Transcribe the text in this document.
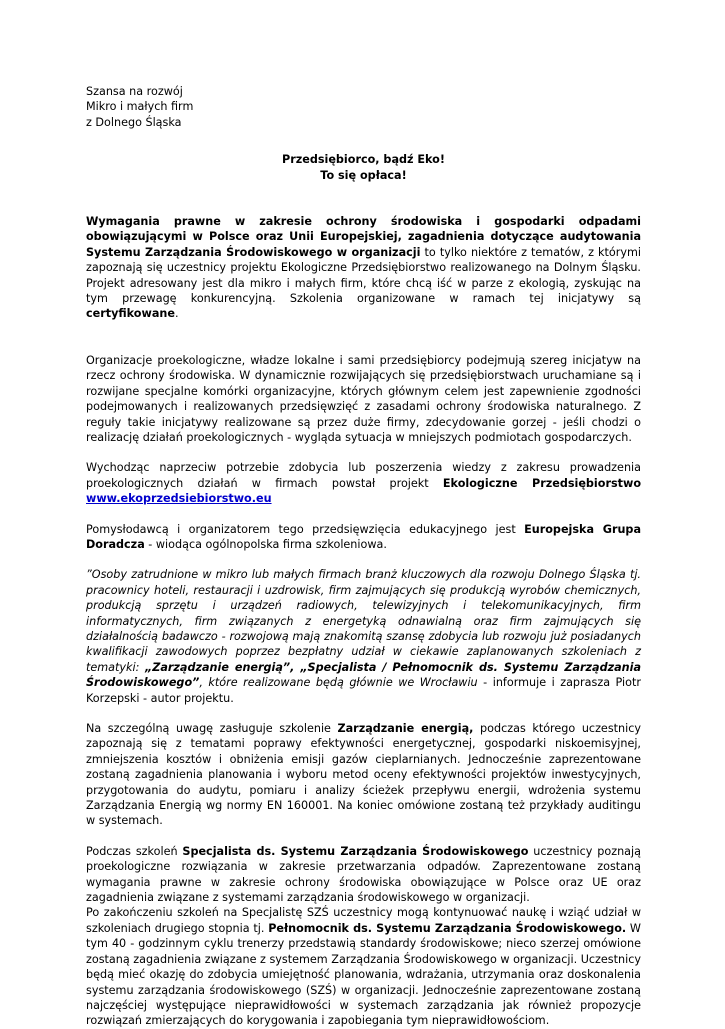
Szansa na rozwój

Mikro i małych firm

z Dolnego Śląska

Przedsiębiorco, bądź Eko!

To się opłaca!

Wymagania prawne w zakresie ochrony środowiska i gospodarki odpadami obowiązującymi w Polsce oraz Unii Europejskiej, zagadnienia dotyczące audytowania Systemu Zarządzania Środowiskowego w organizacji to tylko niektóre z tematów, z którymi zapoznają się uczestnicy projektu Ekologiczne Przedsiębiorstwo realizowanego na Dolnym Śląsku. Projekt adresowany jest dla mikro i małych firm, które chcą iść w parze z ekologią, zyskując na tym przewagę konkurencyjną. Szkolenia organizowane w ramach tej inicjatywy są certyfikowane.

Organizacje proekologiczne, władze lokalne i sami przedsiębiorcy podejmują szereg inicjatyw na rzecz ochrony środowiska. W dynamicznie rozwijających się przedsiębiorstwach uruchamiane są i rozwijane specjalne komórki organizacyjne, których głównym celem jest zapewnienie zgodności podejmowanych i realizowanych przedsięwzięć z zasadami ochrony środowiska naturalnego. Z reguły takie inicjatywy realizowane są przez duże firmy, zdecydowanie gorzej - jeśli chodzi o realizację działań proekologicznych - wygląda sytuacja w mniejszych podmiotach gospodarczych.

Wychodząc naprzeciw potrzebie zdobycia lub poszerzenia wiedzy z zakresu prowadzenia proekologicznych działań w firmach powstał projekt Ekologiczne Przedsiębiorstwo www.ekoprzedsiebiorstwo.eu

Pomysłodawcą i organizatorem tego przedsięwzięcia edukacyjnego jest Europejska Grupa Doradcza - wiodąca ogólnopolska firma szkoleniowa.

”Osoby zatrudnione w mikro lub małych firmach branż kluczowych dla rozwoju Dolnego Śląska tj. pracownicy hoteli, restauracji i uzdrowisk, firm zajmujących się produkcją wyrobów chemicznych, produkcją sprzętu i urządzeń radiowych, telewizyjnych i telekomunikacyjnych, firm informatycznych, firm związanych z energetyką odnawialną oraz firm zajmujących się działalnością badawczo - rozwojową mają znakomitą szansę zdobycia lub rozwoju już posiadanych kwalifikacji zawodowych poprzez bezpłatny udział w ciekawie zaplanowanych szkoleniach z tematyki: „Zarządzanie energią”, „Specjalista / Pełnomocnik ds. Systemu Zarządzania Środowiskowego”, które realizowane będą głównie we Wrocławiu - informuje i zaprasza Piotr Korzepski - autor projektu.

Na szczególną uwagę zasługuje szkolenie Zarządzanie energią, podczas którego uczestnicy zapoznają się z tematami poprawy efektywności energetycznej, gospodarki niskoemisyjnej, zmniejszenia kosztów i obniżenia emisji gazów cieplarnianych. Jednocześnie zaprezentowane zostaną zagadnienia planowania i wyboru metod oceny efektywności projektów inwestycyjnych, przygotowania do audytu, pomiaru i analizy ścieżek przepływu energii, wdrożenia systemu Zarządzania Energią wg normy EN 160001. Na koniec omówione zostaną też przykłady auditingu w systemach.

Podczas szkoleń Specjalista ds. Systemu Zarządzania Środowiskowego uczestnicy poznają proekologiczne rozwiązania w zakresie przetwarzania odpadów. Zaprezentowane zostaną wymagania prawne w zakresie ochrony środowiska obowiązujące w Polsce oraz UE oraz zagadnienia związane z systemami zarządzania środowiskowego w organizacji.

Po zakończeniu szkoleń na Specjalistę SZŚ uczestnicy mogą kontynuować naukę i wziąć udział w szkoleniach drugiego stopnia tj. Pełnomocnik ds. Systemu Zarządzania Środowiskowego. W tym 40 - godzinnym cyklu trenerzy przedstawią standardy środowiskowe; nieco szerzej omówione zostaną zagadnienia związane z systemem Zarządzania Środowiskowego w organizacji. Uczestnicy będą mieć okazję do zdobycia umiejętność planowania, wdrażania, utrzymania oraz doskonalenia systemu zarządzania środowiskowego (SZŚ) w organizacji. Jednocześnie zaprezentowane zostaną najczęściej występujące nieprawidłowości w systemach zarządzania jak również propozycje rozwiązań zmierzających do korygowania i zapobiegania tym nieprawidłowościom.
